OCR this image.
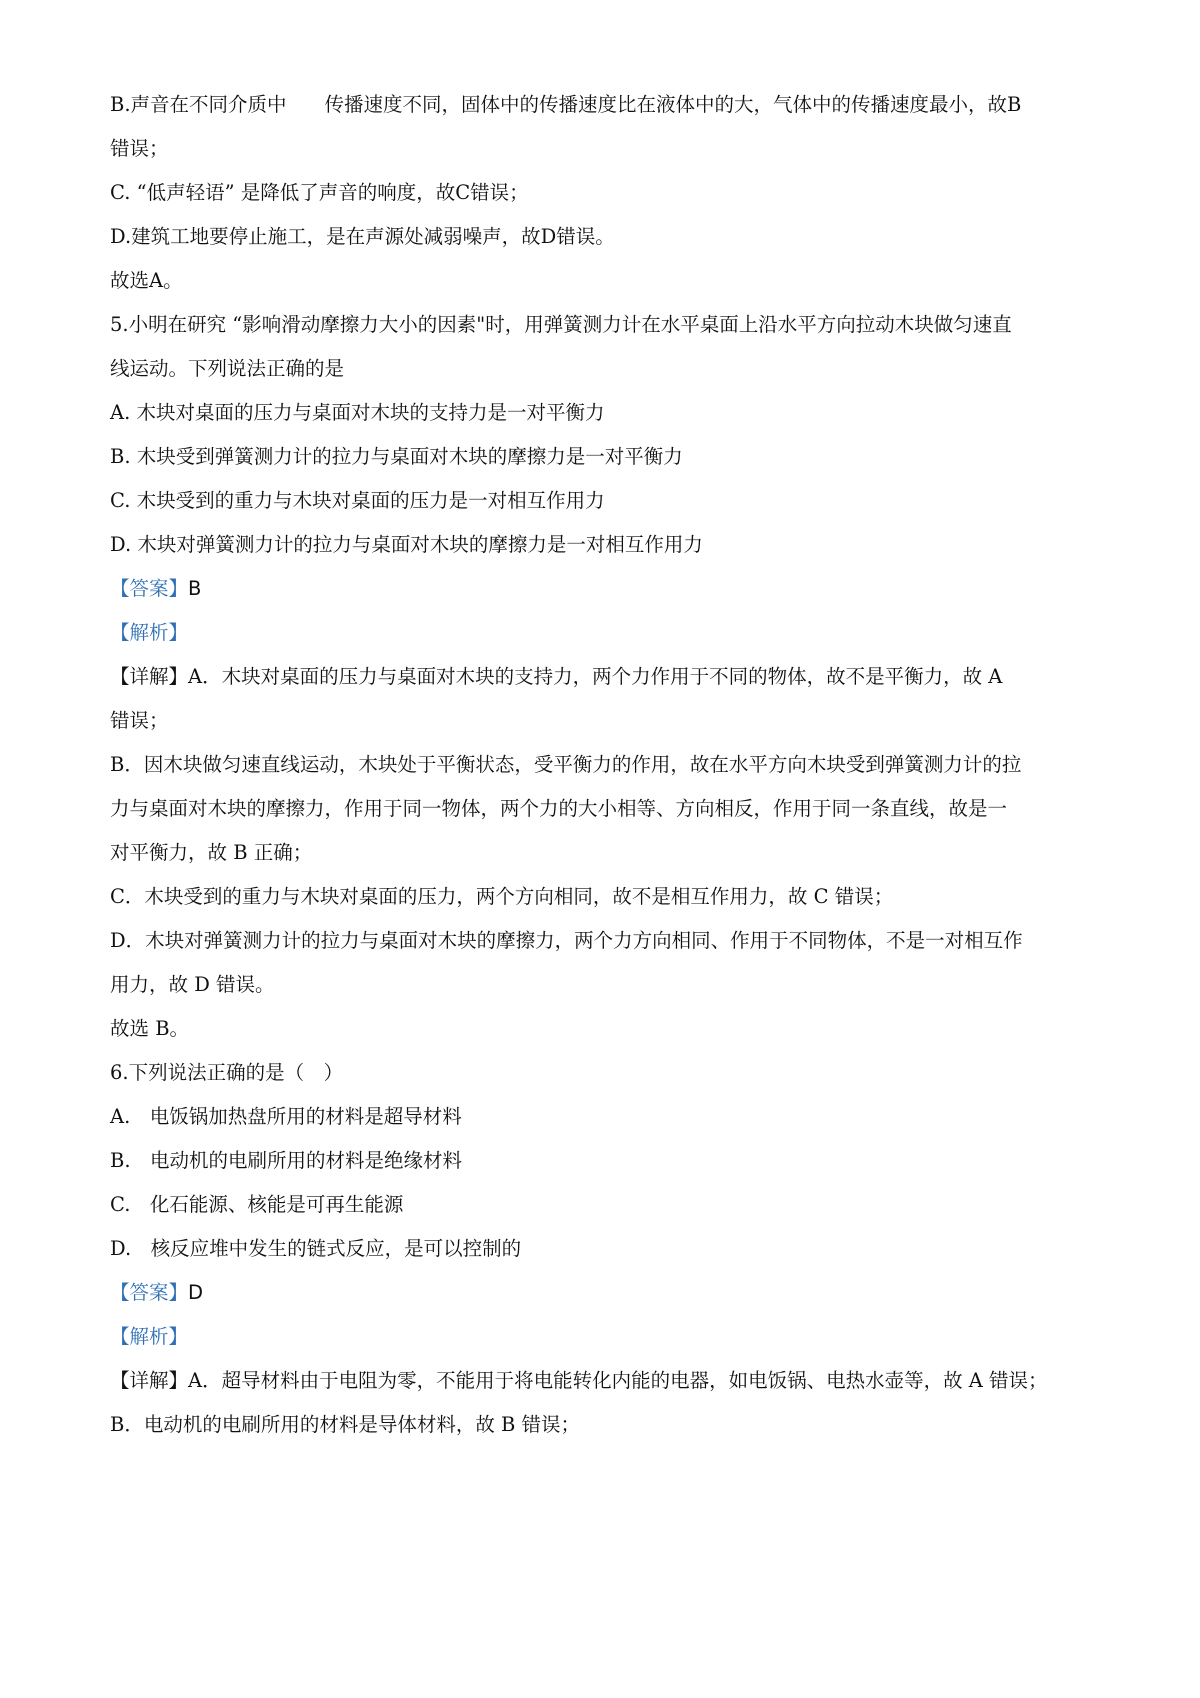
B.声音在不同介质中 传播速度不同，固体中的传播速度比在液体中的大，气体中的传播速度最小，故B
错误；
C. “低声轻语” 是降低了声音的响度，故C错误；
D.建筑工地要停止施工，是在声源处减弱噪声，故D错误。
故选A。
5.小明在研究 “影响滑动摩擦力大小的因素"时，用弹簧测力计在水平桌面上沿水平方向拉动木块做匀速直
线运动。下列说法正确的是
A. 木块对桌面的压力与桌面对木块的支持力是一对平衡力
B. 木块受到弹簧测力计的拉力与桌面对木块的摩擦力是一对平衡力
C. 木块受到的重力与木块对桌面的压力是一对相互作用力
D. 木块对弹簧测力计的拉力与桌面对木块的摩擦力是一对相互作用力
【答案】B
【解析】
【详解】A．木块对桌面的压力与桌面对木块的支持力，两个力作用于不同的物体，故不是平衡力，故 A
错误；
B．因木块做匀速直线运动，木块处于平衡状态，受平衡力的作用，故在水平方向木块受到弹簧测力计的拉
力与桌面对木块的摩擦力，作用于同一物体，两个力的大小相等、方向相反，作用于同一条直线，故是一
对平衡力，故 B 正确；
C．木块受到的重力与木块对桌面的压力，两个方向相同，故不是相互作用力，故 C 错误；
D．木块对弹簧测力计的拉力与桌面对木块的摩擦力，两个力方向相同、作用于不同物体，不是一对相互作
用力，故 D 错误。
故选 B。
6.下列说法正确的是（　）
A.　电饭锅加热盘所用的材料是超导材料
B.　电动机的电刷所用的材料是绝缘材料
C.　化石能源、核能是可再生能源
D.　核反应堆中发生的链式反应，是可以控制的
【答案】D
【解析】
【详解】A．超导材料由于电阻为零，不能用于将电能转化内能的电器，如电饭锅、电热水壶等，故 A 错误；
B．电动机的电刷所用的材料是导体材料，故 B 错误；
